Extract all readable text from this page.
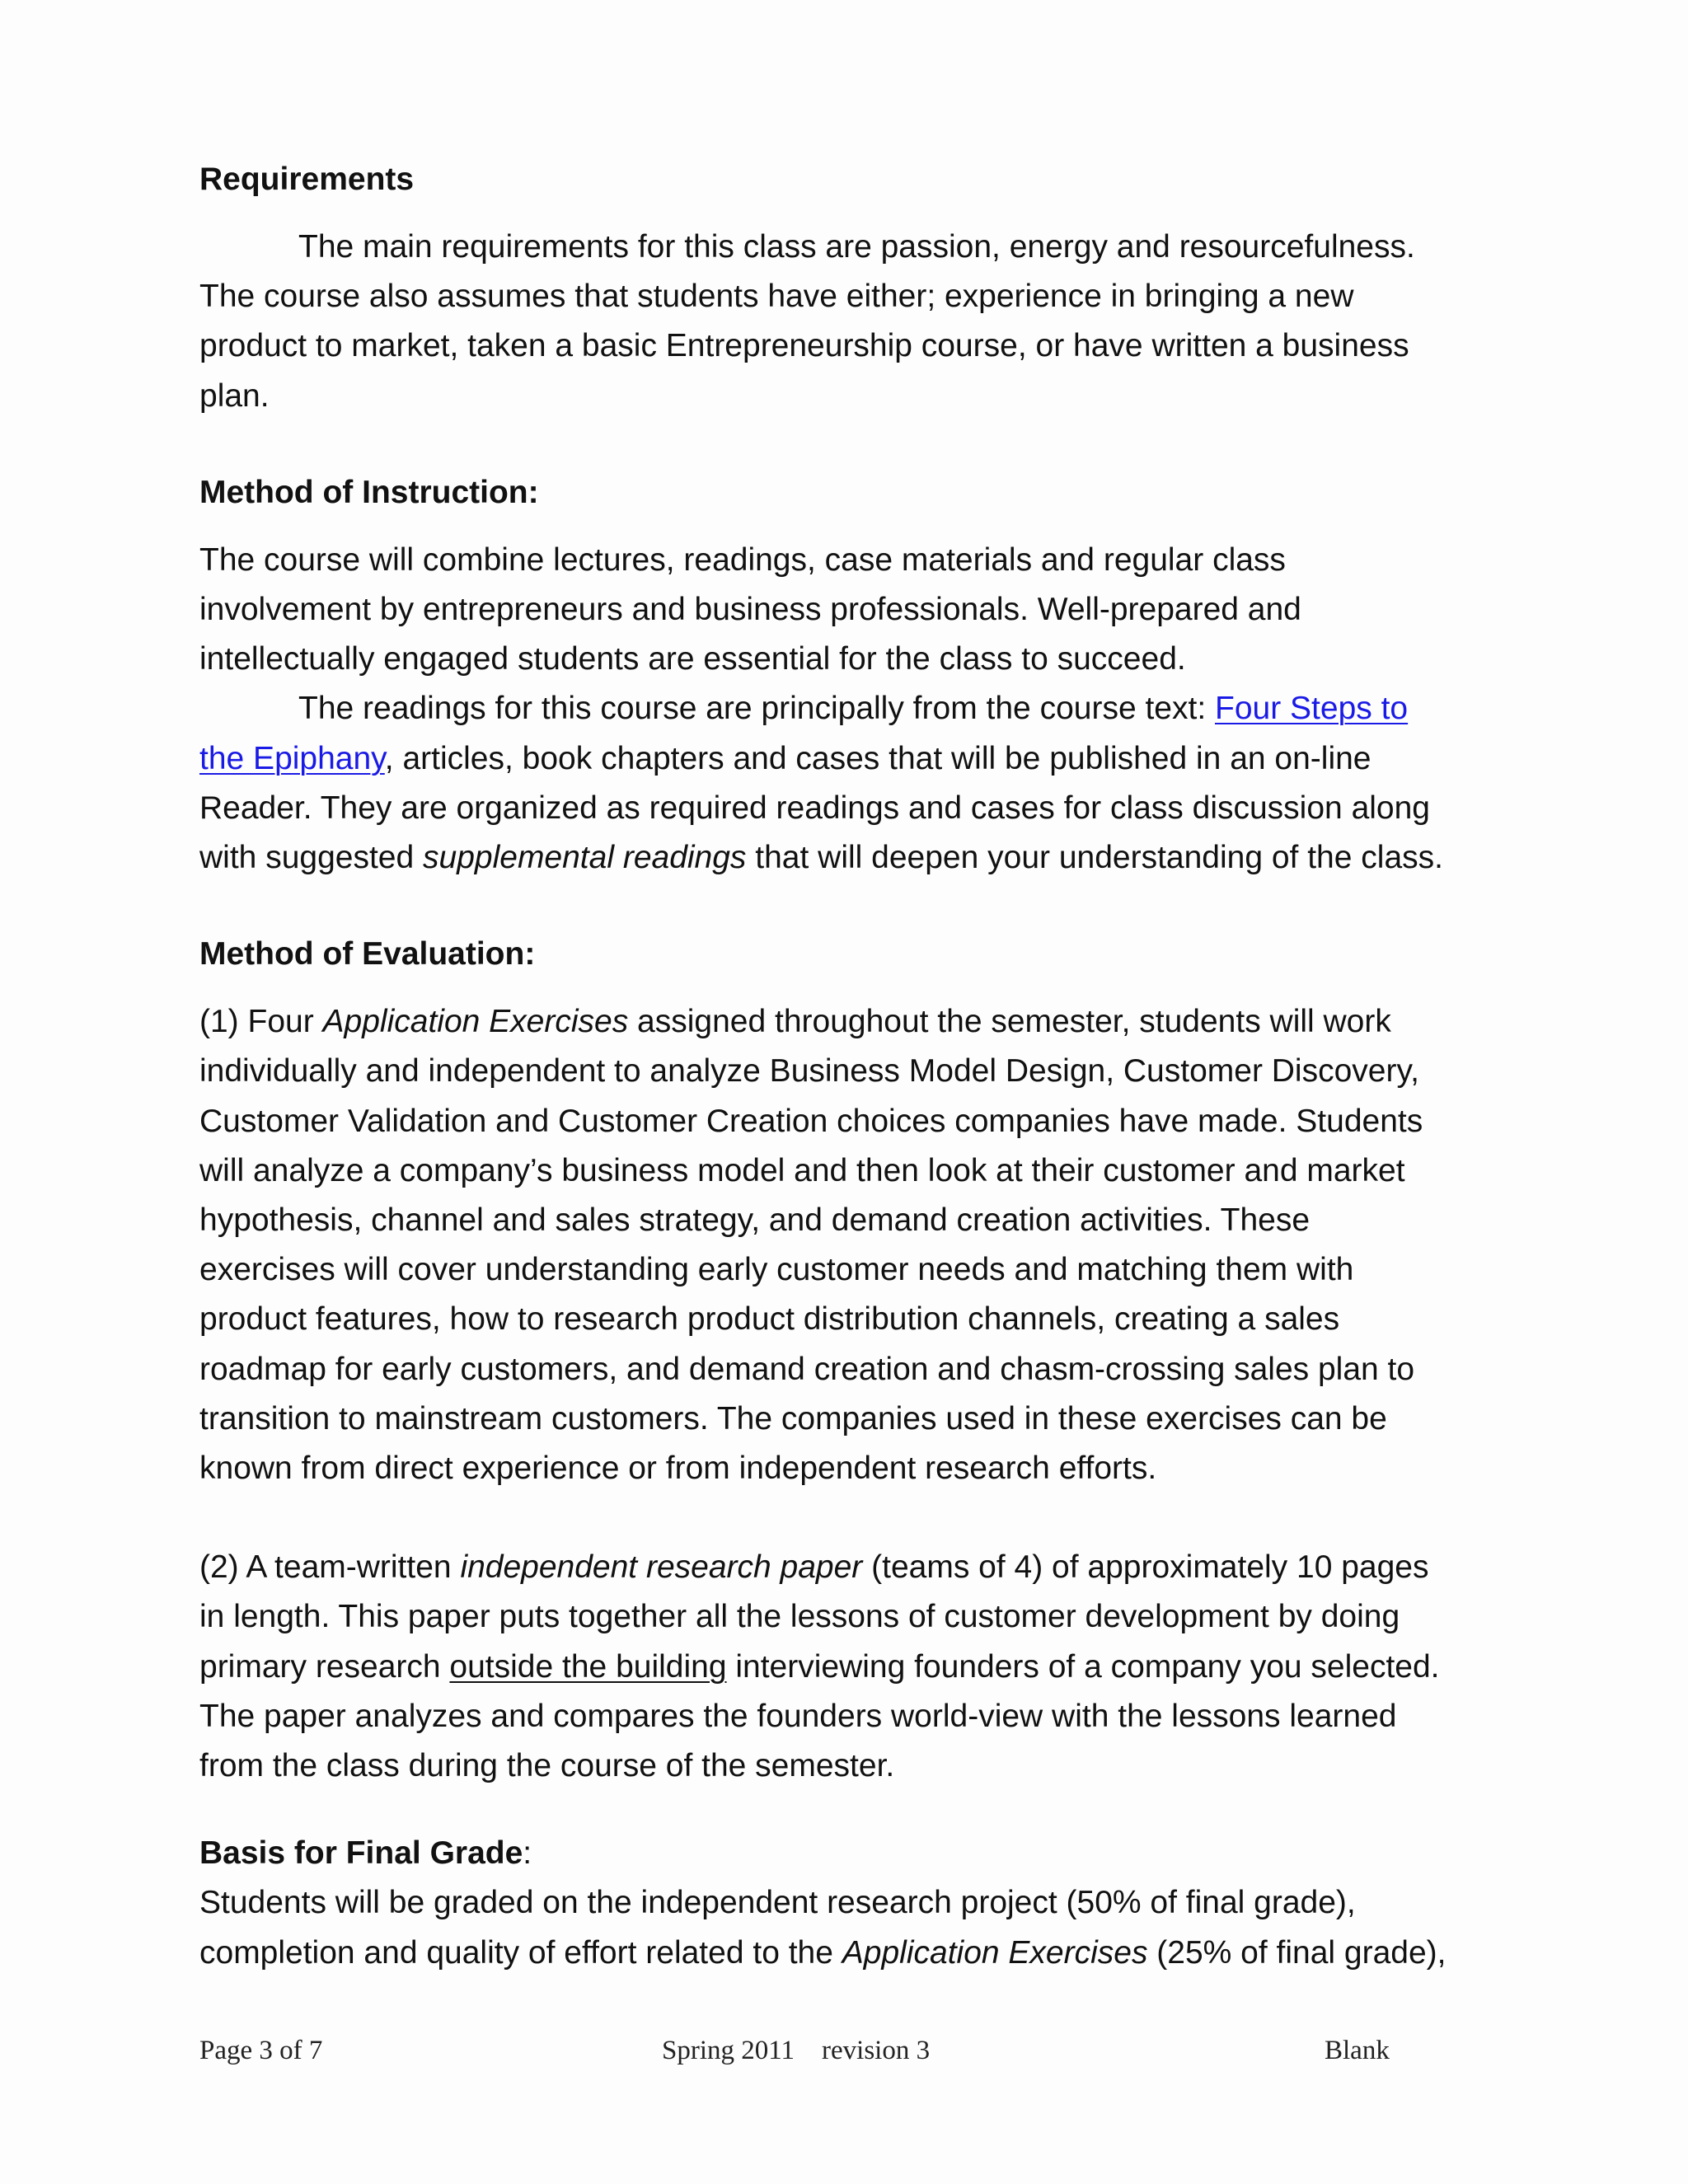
Requirements

The main requirements for this class are passion, energy and resourcefulness.

The course also assumes that students have either; experience in bringing a new

product to market, taken a basic Entrepreneurship course, or have written a business

plan.

Method of Instruction:

The course will combine lectures, readings, case materials and regular class

involvement by entrepreneurs and business professionals. Well-prepared and

intellectually engaged students are essential for the class to succeed.

The readings for this course are principally from the course text: Four Steps to

the Epiphany, articles, book chapters and cases that will be published in an on-line

Reader. They are organized as required readings and cases for class discussion along

with suggested supplemental readings that will deepen your understanding of the class.

Method of Evaluation:

(1) Four Application Exercises assigned throughout the semester, students will work

individually and independent to analyze Business Model Design, Customer Discovery,

Customer Validation and Customer Creation choices companies have made. Students

will analyze a company’s business model and then look at their customer and market

hypothesis, channel and sales strategy, and demand creation activities. These

exercises will cover understanding early customer needs and matching them with

product features, how to research product distribution channels, creating a sales

roadmap for early customers, and demand creation and chasm-crossing sales plan to

transition to mainstream customers. The companies used in these exercises can be

known from direct experience or from independent research efforts.

(2) A team-written independent research paper (teams of 4) of approximately 10 pages

in length. This paper puts together all the lessons of customer development by doing

primary research outside the building interviewing founders of a company you selected.

The paper analyzes and compares the founders world-view with the lessons learned

from the class during the course of the semester.

Basis for Final Grade:

Students will be graded on the independent research project (50% of final grade),

completion and quality of effort related to the Application Exercises (25% of final grade),

Page 3 of 7	Spring 2011    revision 3	Blank
